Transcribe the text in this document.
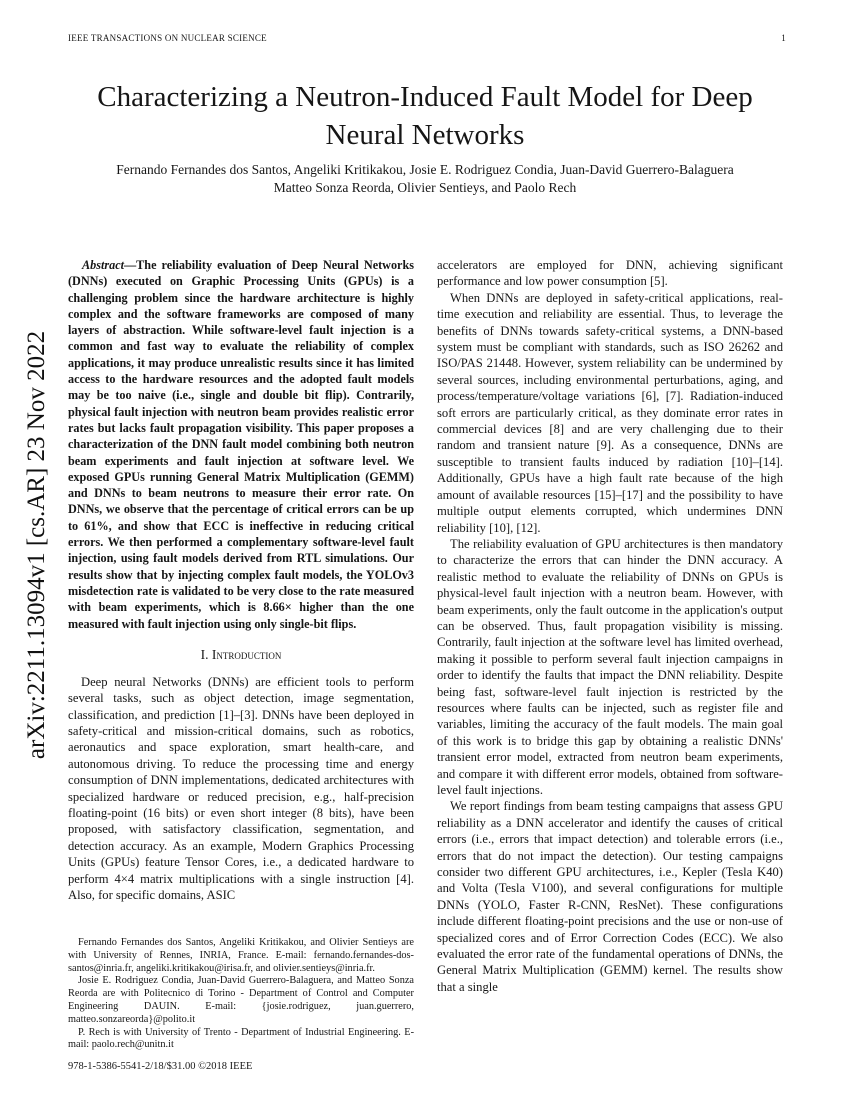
IEEE TRANSACTIONS ON NUCLEAR SCIENCE	1
arXiv:2211.13094v1 [cs.AR] 23 Nov 2022
Characterizing a Neutron-Induced Fault Model for Deep Neural Networks
Fernando Fernandes dos Santos, Angeliki Kritikakou, Josie E. Rodriguez Condia, Juan-David Guerrero-Balaguera
Matteo Sonza Reorda, Olivier Sentieys, and Paolo Rech

Abstract—The reliability evaluation of Deep Neural Networks (DNNs) executed on Graphic Processing Units (GPUs) is a challenging problem since the hardware architecture is highly complex and the software frameworks are composed of many layers of abstraction. While software-level fault injection is a common and fast way to evaluate the reliability of complex applications, it may produce unrealistic results since it has limited access to the hardware resources and the adopted fault models may be too naive (i.e., single and double bit flip). Contrarily, physical fault injection with neutron beam provides realistic error rates but lacks fault propagation visibility. This paper proposes a characterization of the DNN fault model combining both neutron beam experiments and fault injection at software level. We exposed GPUs running General Matrix Multiplication (GEMM) and DNNs to beam neutrons to measure their error rate. On DNNs, we observe that the percentage of critical errors can be up to 61%, and show that ECC is ineffective in reducing critical errors. We then performed a complementary software-level fault injection, using fault models derived from RTL simulations. Our results show that by injecting complex fault models, the YOLOv3 misdetection rate is validated to be very close to the rate measured with beam experiments, which is 8.66× higher than the one measured with fault injection using only single-bit flips.

I. Introduction

Deep neural Networks (DNNs) are efficient tools to perform several tasks, such as object detection, image segmentation, classification, and prediction [1]–[3]. DNNs have been deployed in safety-critical and mission-critical domains, such as robotics, aeronautics and space exploration, smart health-care, and autonomous driving. To reduce the processing time and energy consumption of DNN implementations, dedicated architectures with specialized hardware or reduced precision, e.g., half-precision floating-point (16 bits) or even short integer (8 bits), have been proposed, with satisfactory classification, segmentation, and detection accuracy. As an example, Modern Graphics Processing Units (GPUs) feature Tensor Cores, i.e., a dedicated hardware to perform 4×4 matrix multiplications with a single instruction [4]. Also, for specific domains, ASIC

Fernando Fernandes dos Santos, Angeliki Kritikakou, and Olivier Sentieys are with University of Rennes, INRIA, France. E-mail: fernando.fernandes-dos-santos@inria.fr, angeliki.kritikakou@irisa.fr, and olivier.sentieys@inria.fr.

Josie E. Rodriguez Condia, Juan-David Guerrero-Balaguera, and Matteo Sonza Reorda are with Politecnico di Torino - Department of Control and Computer Engineering DAUIN. E-mail: {josie.rodriguez, juan.guerrero, matteo.sonzareorda}@polito.it

P. Rech is with University of Trento - Department of Industrial Engineering. E-mail: paolo.rech@unitn.it

978-1-5386-5541-2/18/$31.00 ©2018 IEEE

accelerators are employed for DNN, achieving significant performance and low power consumption [5].

When DNNs are deployed in safety-critical applications, real-time execution and reliability are essential. Thus, to leverage the benefits of DNNs towards safety-critical systems, a DNN-based system must be compliant with standards, such as ISO 26262 and ISO/PAS 21448. However, system reliability can be undermined by several sources, including environmental perturbations, aging, and process/temperature/voltage variations [6], [7]. Radiation-induced soft errors are particularly critical, as they dominate error rates in commercial devices [8] and are very challenging due to their random and transient nature [9]. As a consequence, DNNs are susceptible to transient faults induced by radiation [10]–[14]. Additionally, GPUs have a high fault rate because of the high amount of available resources [15]–[17] and the possibility to have multiple output elements corrupted, which undermines DNN reliability [10], [12].

The reliability evaluation of GPU architectures is then mandatory to characterize the errors that can hinder the DNN accuracy. A realistic method to evaluate the reliability of DNNs on GPUs is physical-level fault injection with a neutron beam. However, with beam experiments, only the fault outcome in the application's output can be observed. Thus, fault propagation visibility is missing. Contrarily, fault injection at the software level has limited overhead, making it possible to perform several fault injection campaigns in order to identify the faults that impact the DNN reliability. Despite being fast, software-level fault injection is restricted by the resources where faults can be injected, such as register file and variables, limiting the accuracy of the fault models. The main goal of this work is to bridge this gap by obtaining a realistic DNNs' transient error model, extracted from neutron beam experiments, and compare it with different error models, obtained from software-level fault injections.

We report findings from beam testing campaigns that assess GPU reliability as a DNN accelerator and identify the causes of critical errors (i.e., errors that impact detection) and tolerable errors (i.e., errors that do not impact the detection). Our testing campaigns consider two different GPU architectures, i.e., Kepler (Tesla K40) and Volta (Tesla V100), and several configurations for multiple DNNs (YOLO, Faster R-CNN, ResNet). These configurations include different floating-point precisions and the use or non-use of specialized cores and of Error Correction Codes (ECC). We also evaluated the error rate of the fundamental operations of DNNs, the General Matrix Multiplication (GEMM) kernel. The results show that a single
